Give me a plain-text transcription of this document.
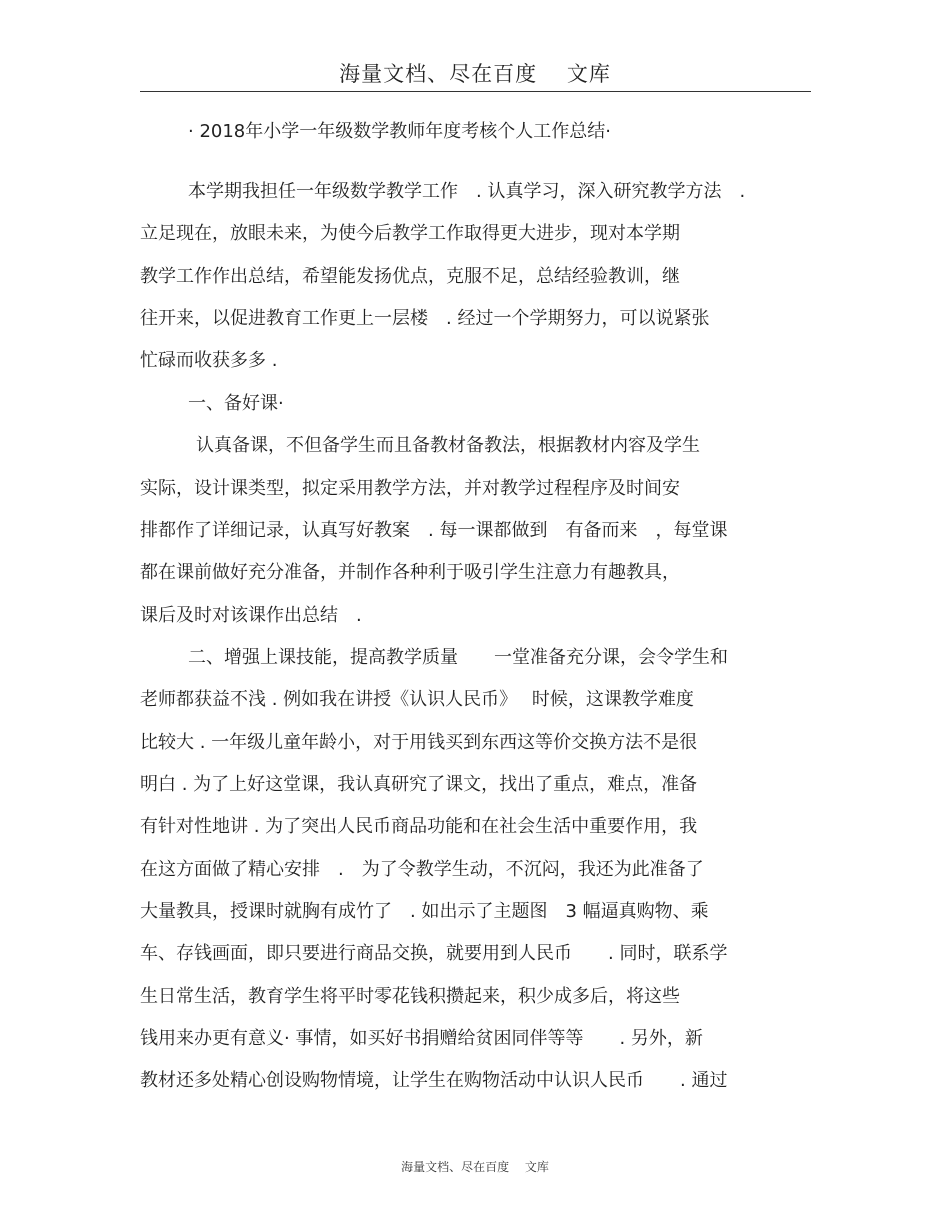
海量文档、尽在百度　 文库
· 2018年小学一年级数学教师年度考核个人工作总结·
本学期我担任一年级数学教学工作　. 认真学习，深入研究教学方法　.
立足现在，放眼未来，为使今后教学工作取得更大进步，现对本学期
教学工作作出总结，希望能发扬优点，克服不足，总结经验教训，继
往开来，以促进教育工作更上一层楼　. 经过一个学期努力，可以说紧张
忙碌而收获多多 .
一、备好课·
认真备课，不但备学生而且备教材备教法，根据教材内容及学生
实际，设计课类型，拟定采用教学方法，并对教学过程程序及时间安
排都作了详细记录，认真写好教案　. 每一课都做到　有备而来　，每堂课
都在课前做好充分准备，并制作各种利于吸引学生注意力有趣教具，
课后及时对该课作出总结　.
二、增强上课技能，提高教学质量　　一堂准备充分课，会令学生和
老师都获益不浅 . 例如我在讲授《认识人民币》　 时候，这课教学难度
比较大 . 一年级儿童年龄小，对于用钱买到东西这等价交换方法不是很
明白 . 为了上好这堂课，我认真研究了课文，找出了重点，难点，准备
有针对性地讲 . 为了突出人民币商品功能和在社会生活中重要作用，我
在这方面做了精心安排　.　为了令教学生动，不沉闷，我还为此准备了
大量教具，授课时就胸有成竹了　. 如出示了主题图　3 幅逼真购物、乘
车、存钱画面，即只要进行商品交换，就要用到人民币　　. 同时，联系学
生日常生活，教育学生将平时零花钱积攒起来，积少成多后，将这些
钱用来办更有意义· 事情，如买好书捐赠给贫困同伴等等　　. 另外，新
教材还多处精心创设购物情境，让学生在购物活动中认识人民币　　. 通过
海量文档、尽在百度　 文库
